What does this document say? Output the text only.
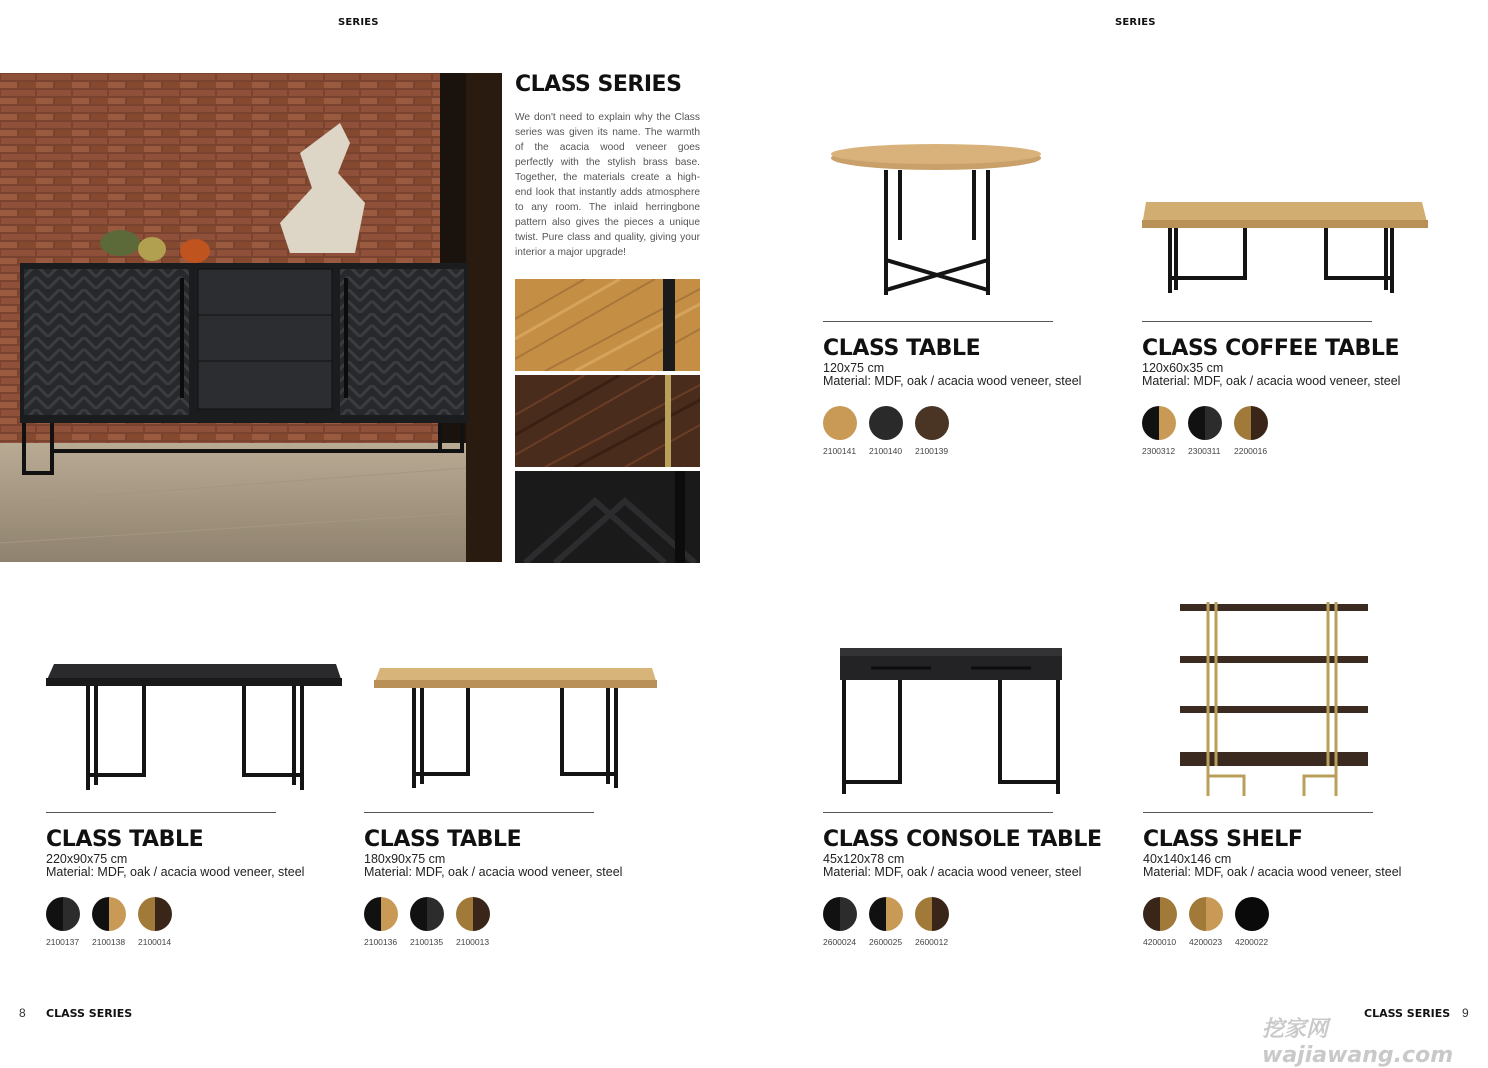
SERIES	SERIES
CLASS SERIES
We don't need to explain why the Class series was given its name. The warmth of the acacia wood veneer goes perfectly with the stylish brass base. Together, the materials create a high-end look that instantly adds atmosphere to any room. The inlaid herringbone pattern also gives the pieces a unique twist. Pure class and quality, giving your interior a major upgrade!
CLASS TABLE
120x75 cm
Material: MDF, oak / acacia wood veneer, steel
2100141 2100140 2100139
CLASS COFFEE TABLE
120x60x35 cm
Material: MDF, oak / acacia wood veneer, steel
2300312 2300311 2200016
CLASS TABLE
220x90x75 cm
Material: MDF, oak / acacia wood veneer, steel
2100137 2100138 2100014
CLASS TABLE
180x90x75 cm
Material: MDF, oak / acacia wood veneer, steel
2100136 2100135 2100013
CLASS CONSOLE TABLE
45x120x78 cm
Material: MDF, oak / acacia wood veneer, steel
2600024 2600025 2600012
CLASS SHELF
40x140x146 cm
Material: MDF, oak / acacia wood veneer, steel
4200010 4200023 4200022
8 CLASS SERIES	CLASS SERIES 9
挖家网 wajiawang.com
